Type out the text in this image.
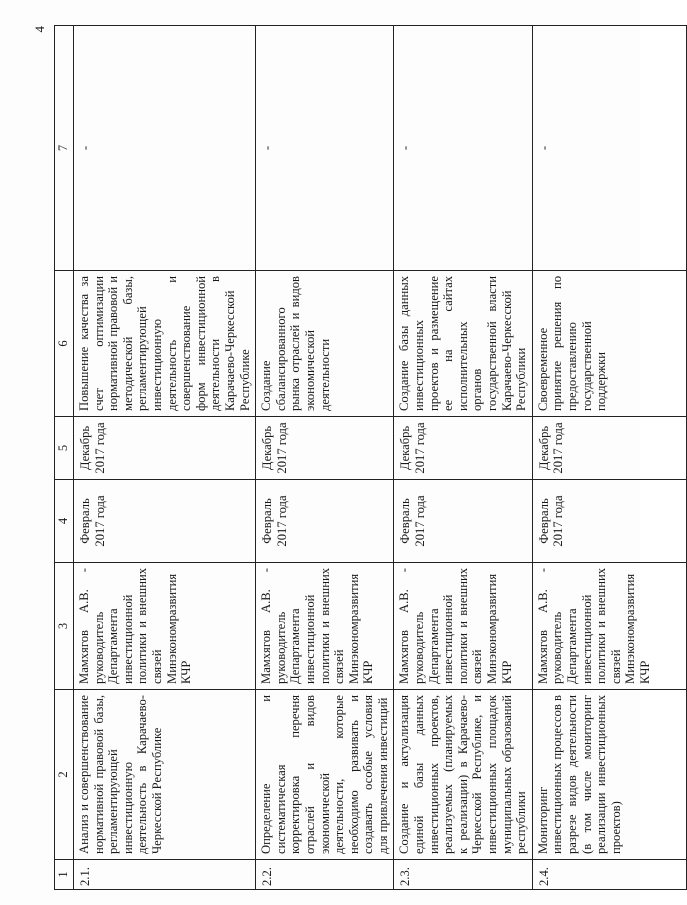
4
1	2	3	4	5	6	7
2.1.	Анализ и совершенствование нормативной правовой базы, регламентирующей инвестиционную деятельность в Карачаево-Черкесской Республике	Мамхягов А.В. - руководитель Департамента инвестиционной политики и внешних связей Минэкономразвития КЧР	Февраль 2017 года	Декабрь 2017 года	Повышение качества за счет оптимизации нормативной правовой и методической базы, регламентирующей инвестиционную деятельность и совершенствование форм инвестиционной деятельности в Карачаево-Черкесской Республике	-
2.2.	Определение и систематическая корректировка перечня отраслей и видов экономической деятельности, которые необходимо развивать и создавать особые условия для привлечения инвестиций	Мамхягов А.В. - руководитель Департамента инвестиционной политики и внешних связей Минэкономразвития КЧР	Февраль 2017 года	Декабрь 2017 года	Создание сбалансированного рынка отраслей и видов экономической деятельности	-
2.3.	Создание и актуализация единой базы данных инвестиционных проектов, реализуемых (планируемых к реализации) в Карачаево-Черкесской Республике, и инвестиционных площадок муниципальных образований республики	Мамхягов А.В. - руководитель Департамента инвестиционной политики и внешних связей Минэкономразвития КЧР	Февраль 2017 года	Декабрь 2017 года	Создание базы данных инвестиционных проектов и размещение ее на сайтах исполнительных органов государственной власти Карачаево-Черкесской Республики	-
2.4.	Мониторинг инвестиционных процессов в разрезе видов деятельности (в том числе мониторинг реализации инвестиционных проектов)	Мамхягов А.В. - руководитель Департамента инвестиционной политики и внешних связей Минэкономразвития КЧР	Февраль 2017 года	Декабрь 2017 года	Своевременное принятие решения по предоставлению государственной поддержки	-
